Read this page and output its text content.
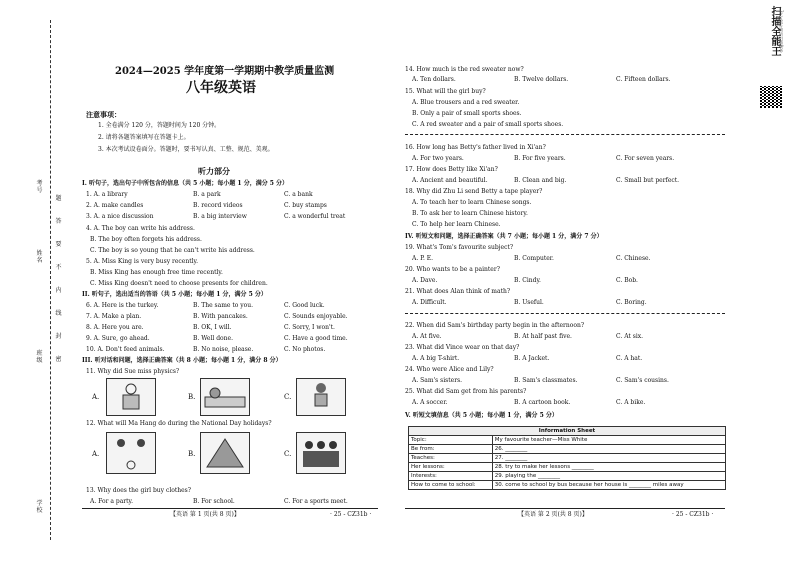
学校
班级
姓名
考号
题
答
要
不
内
线
封
密
2024—2025 学年度第一学期期中教学质量监测
八年级英语
注意事项：
1. 全卷满分 120 分，答题时间为 120 分钟。
2. 请将各题答案填写在答题卡上。
3. 本次考试设卷面分。答题时，要书写认真、工整、规范、美观。
听力部分
I. 听句子，选出句子中所包含的信息（共 5 小题；每小题 1 分，满分 5 分）
1. A. a library	B. a park	C. a bank
2. A. make candles	B. record videos	C. buy stamps
3. A. a nice discussion	B. a big interview	C. a wonderful treat
4. A. The boy can write his address.
B. The boy often forgets his address.
C. The boy is so young that he can't write his address.
5. A. Miss King is very busy recently.
B. Miss King has enough free time recently.
C. Miss King doesn't need to choose presents for children.
II. 听句子，选出适当的答语（共 5 小题；每小题 1 分，满分 5 分）
6. A. Here is the turkey.	B. The same to you.	C. Good luck.
7. A. Make a plan.	B. With pancakes.	C. Sounds enjoyable.
8. A. Here you are.	B. OK, I will.	C. Sorry, I won't.
9. A. Sure, go ahead.	B. Well done.	C. Have a good time.
10. A. Don't feed animals.	B. No noise, please.	C. No photos.
III. 听对话和问题，选择正确答案（共 8 小题；每小题 1 分，满分 8 分）
11. Why did Sue miss physics?
A.	B.	C.
12. What will Ma Hang do during the National Day holidays?
A.	B.	C.
13. Why does the girl buy clothes?
A. For a party.	B. For school.	C. For a sports meet.
【英语 第 1 页(共 8 页)】	· 25 - CZ31b ·
14. How much is the red sweater now?
A. Ten dollars.	B. Twelve dollars.	C. Fifteen dollars.
15. What will the girl buy?
A. Blue trousers and a red sweater.
B. Only a pair of small sports shoes.
C. A red sweater and a pair of small sports shoes.
16. How long has Betty's father lived in Xi'an?
A. For two years.	B. For five years.	C. For seven years.
17. How does Betty like Xi'an?
A. Ancient and beautiful.	B. Clean and big.	C. Small but perfect.
18. Why did Zhu Li send Betty a tape player?
A. To teach her to learn Chinese songs.
B. To ask her to learn Chinese history.
C. To help her learn Chinese.
IV. 听短文和问题，选择正确答案（共 7 小题；每小题 1 分，满分 7 分）
19. What's Tom's favourite subject?
A. P. E.	B. Computer.	C. Chinese.
20. Who wants to be a painter?
A. Dave.	B. Cindy.	C. Bob.
21. What does Alan think of math?
A. Difficult.	B. Useful.	C. Boring.
22. When did Sam's birthday party begin in the afternoon?
A. At five.	B. At half past five.	C. At six.
23. What did Vince wear on that day?
A. A big T-shirt.	B. A Jacket.	C. A hat.
24. Who were Alice and Lily?
A. Sam's sisters.	B. Sam's classmates.	C. Sam's cousins.
25. What did Sam get from his parents?
A. A soccer.	B. A cartoon book.	C. A bike.
V. 听短文填信息（共 5 小题；每小题 1 分，满分 5 分）
Information Sheet	
Topic:	My favourite teacher—Miss White
Be from:	26. ________
Teaches:	27. ________
Her lessons:	28. try to make her lessons ________
Interests:	29. playing the ________
How to come to school:	30. come to school by bus because her house is ________ miles away
【英语 第 2 页(共 8 页)】	· 25 - CZ31b ·
扫描全能王 3亿人都在用的扫描App
